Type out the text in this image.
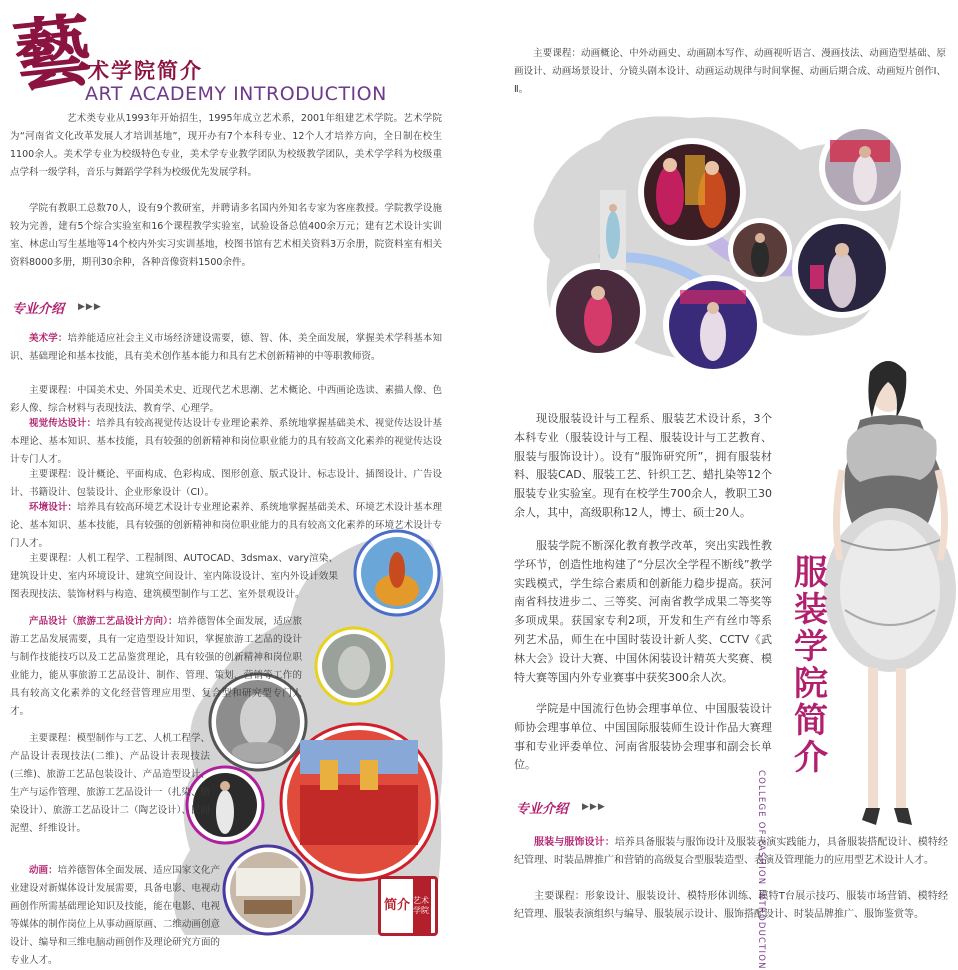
藝
术学院简介
ART ACADEMY INTRODUCTION

艺术类专业从1993年开始招生，1995年成立艺术系，2001年组建艺术学院。艺术学院为“河南省文化改革发展人才培训基地”，现开办有7个本科专业、12个人才培养方向，全日制在校生1100余人。美术学专业为校级特色专业，美术学专业教学团队为校级教学团队，美术学学科为校级重点学科一级学科，音乐与舞蹈学学科为校级优先发展学科。

学院有教职工总数70人，设有9个教研室，并聘请多名国内外知名专家为客座教授。学院教学设施较为完善，建有5个综合实验室和16个课程教学实验室，试验设备总值400余万元；建有艺术设计实训室、林虑山写生基地等14个校内外实习实训基地，校图书馆有艺术相关资料3万余册，院资料室有相关资料8000多册，期刊30余种，各种音像资料1500余件。

专业介绍 ▶▶▶

美术学：培养能适应社会主义市场经济建设需要，德、智、体、美全面发展，掌握美术学科基本知识、基础理论和基本技能，具有美术创作基本能力和具有艺术创新精神的中等职教师资。

主要课程：中国美术史、外国美术史、近现代艺术思潮、艺术概论、中西画论选读、素描人像、色彩人像、综合材料与表现技法、教育学、心理学。

视觉传达设计：培养具有较高视觉传达设计专业理论素养、系统地掌握基础美术、视觉传达设计基本理论、基本知识、基本技能，具有较强的创新精神和岗位职业能力的具有较高文化素养的视觉传达设计专门人才。

主要课程：设计概论、平面构成、色彩构成、图形创意、版式设计、标志设计、插图设计、广告设计、书籍设计、包装设计、企业形象设计（CI）。

环境设计：培养具有较高环境艺术设计专业理论素养、系统地掌握基础美术、环境艺术设计基本理论、基本知识、基本技能，具有较强的创新精神和岗位职业能力的具有较高文化素养的环境艺术设计专门人才。

主要课程：人机工程学、工程制图、AUTOCAD、3dsmax、vary渲染、建筑设计史、室内环境设计、建筑空间设计、室内陈设设计、室内外设计效果图表现技法、装饰材料与构造、建筑模型制作与工艺、室外景观设计。

产品设计（旅游工艺品设计方向）：培养德智体全面发展，适应旅游工艺品发展需要，具有一定造型设计知识，掌握旅游工艺品的设计与制作技能技巧以及工艺品鉴赏理论，具有较强的创新精神和岗位职业能力，能从事旅游工艺品设计、制作、管理、策划、营销等工作的具有较高文化素养的文化经营管理应用型、复合型和研究型专门人才。

主要课程：模型制作与工艺、人机工程学、产品设计表现技法(二维)、产品设计表现技法(三维)、旅游工艺品包装设计、产品造型设计、生产与运作管理、旅游工艺品设计一（扎染、蜡染设计）、旅游工艺品设计二（陶艺设计）、民间泥塑、纤维设计。

动画：培养德智体全面发展、适应国家文化产业建设对新媒体设计发展需要，具备电影、电视动画创作所需基础理论知识及技能，能在电影、电视等媒体的制作岗位上从事动画原画、二维动画创意设计、编导和三维电脑动画创作及理论研究方面的专业人才。

主要课程：动画概论、中外动画史、动画剧本写作、动画视听语言、漫画技法、动画造型基础、原画设计、动画场景设计、分镜头剧本设计、动画运动规律与时间掌握、动画后期合成、动画短片创作Ⅰ、Ⅱ。

简介 艺术学院

现设服装设计与工程系、服装艺术设计系，3个本科专业（服装设计与工程、服装设计与工艺教育、服装与服饰设计）。设有“服饰研究所”，拥有服装材料、服装CAD、服装工艺、针织工艺、蜡扎染等12个服装专业实验室。现有在校学生700余人，教职工30余人，其中，高级职称12人，博士、硕士20人。

服装学院不断深化教育教学改革，突出实践性教学环节，创造性地构建了“分层次全学程不断线”教学实践模式，学生综合素质和创新能力稳步提高。获河南省科技进步二、三等奖、河南省教学成果二等奖等多项成果。获国家专利2项，开发和生产有丝巾等系列艺术品，师生在中国时装设计新人奖、CCTV《武林大会》设计大赛、中国休闲装设计精英大奖赛、模特大赛等国内外专业赛事中获奖300余人次。

学院是中国流行色协会理事单位、中国服装设计师协会理事单位、中国国际服装师生设计作品大赛理事和专业评委单位、河南省服装协会理事和副会长单位。

服装学院简介
COLLEGE OF FASHION INTRODUCTION
专业介绍 ▶▶▶

服装与服饰设计：培养具备服装与服饰设计及服装表演实践能力，具备服装搭配设计、模特经纪管理、时装品牌推广和营销的高级复合型服装造型、表演及管理能力的应用型艺术设计人才。

主要课程：形象设计、服装设计、模特形体训练、模特T台展示技巧、服装市场营销、模特经纪管理、服装表演组织与编导、服装展示设计、服饰搭配设计、时装品牌推广、服饰鉴赏等。
